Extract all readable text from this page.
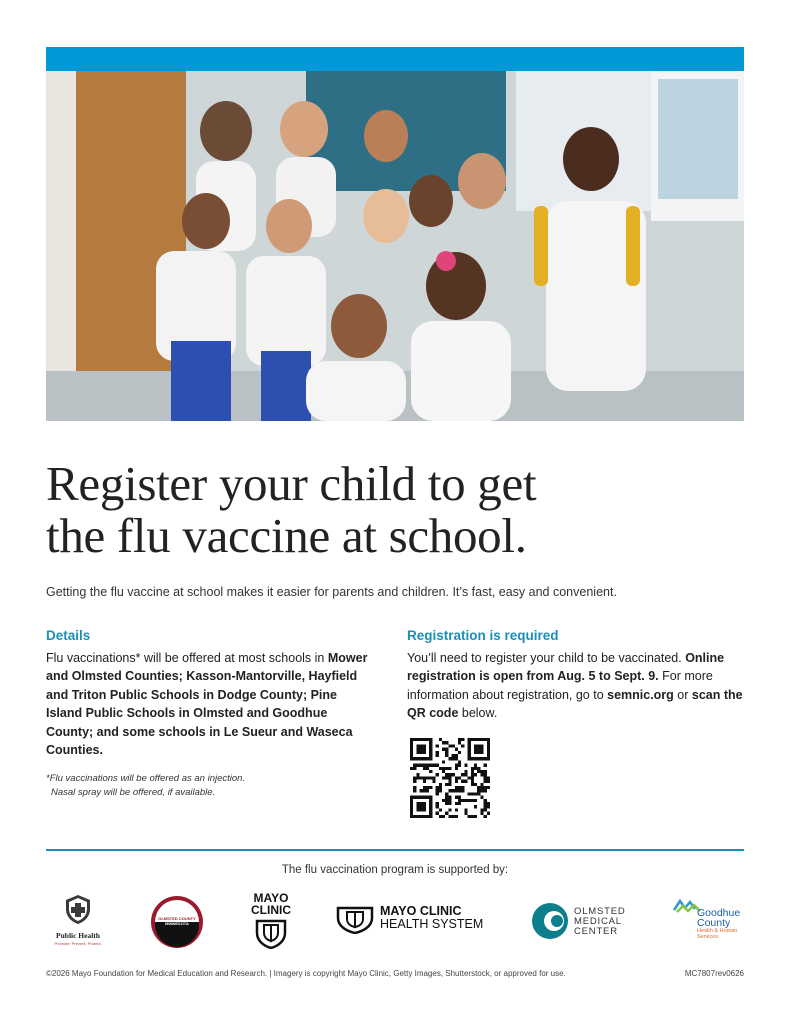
Register your child to get
the flu vaccine at school.
Getting the flu vaccine at school makes it easier for parents and children. It’s fast, easy and convenient.
Details

Flu vaccinations* will be offered at most schools in Mower and Olmsted Counties; Kasson-Mantorville, Hayfield and Triton Public Schools in Dodge County; Pine Island Public Schools in Olmsted and Goodhue County; and some schools in Le Sueur and Waseca Counties.

*Flu vaccinations will be offered as an injection.
Nasal spray will be offered, if available.
Registration is required

You’ll need to register your child to be vaccinated. Online registration is open from Aug. 5 to Sept. 9. For more information about registration, go to semnic.org or scan the QR code below.

The flu vaccination program is supported by:
Public Health
Promote. Prevent. Protect.
OLMSTED COUNTY
MINNESOTA
MAYO
CLINIC	MAYO CLINIC
HEALTH SYSTEM
OLMSTED
MEDICAL
CENTER
Goodhue
County
Health & Human
Services
©2026 Mayo Foundation for Medical Education and Research. | Imagery is copyright Mayo Clinic, Getty Images, Shutterstock, or approved for use.	MC7807rev0626
